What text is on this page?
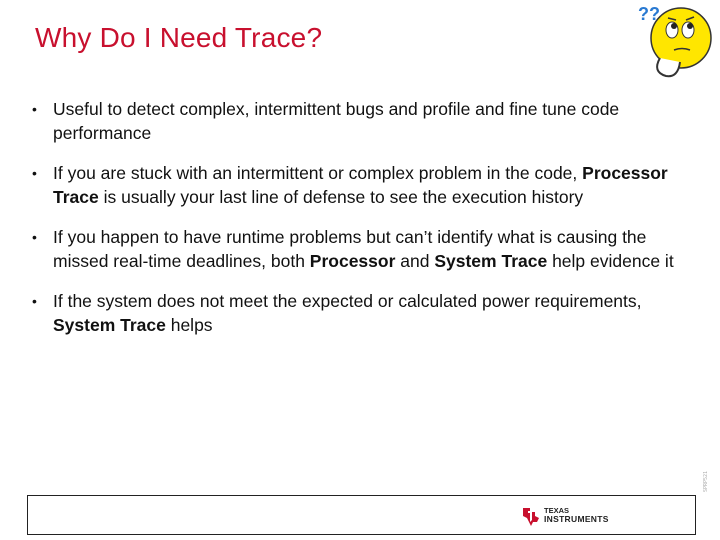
Why Do I Need Trace?
??
• Useful to detect complex, intermittent bugs and profile and fine tune code performance
• If you are stuck with an intermittent or complex problem in the code, Processor Trace is usually your last line of defense to see the execution history
• If you happen to have runtime problems but can’t identify what is causing the missed real-time deadlines, both Processor and System Trace help evidence it
• If the system does not meet the expected or calculated power requirements, System Trace helps
SPRP521
TEXAS
INSTRUMENTS
